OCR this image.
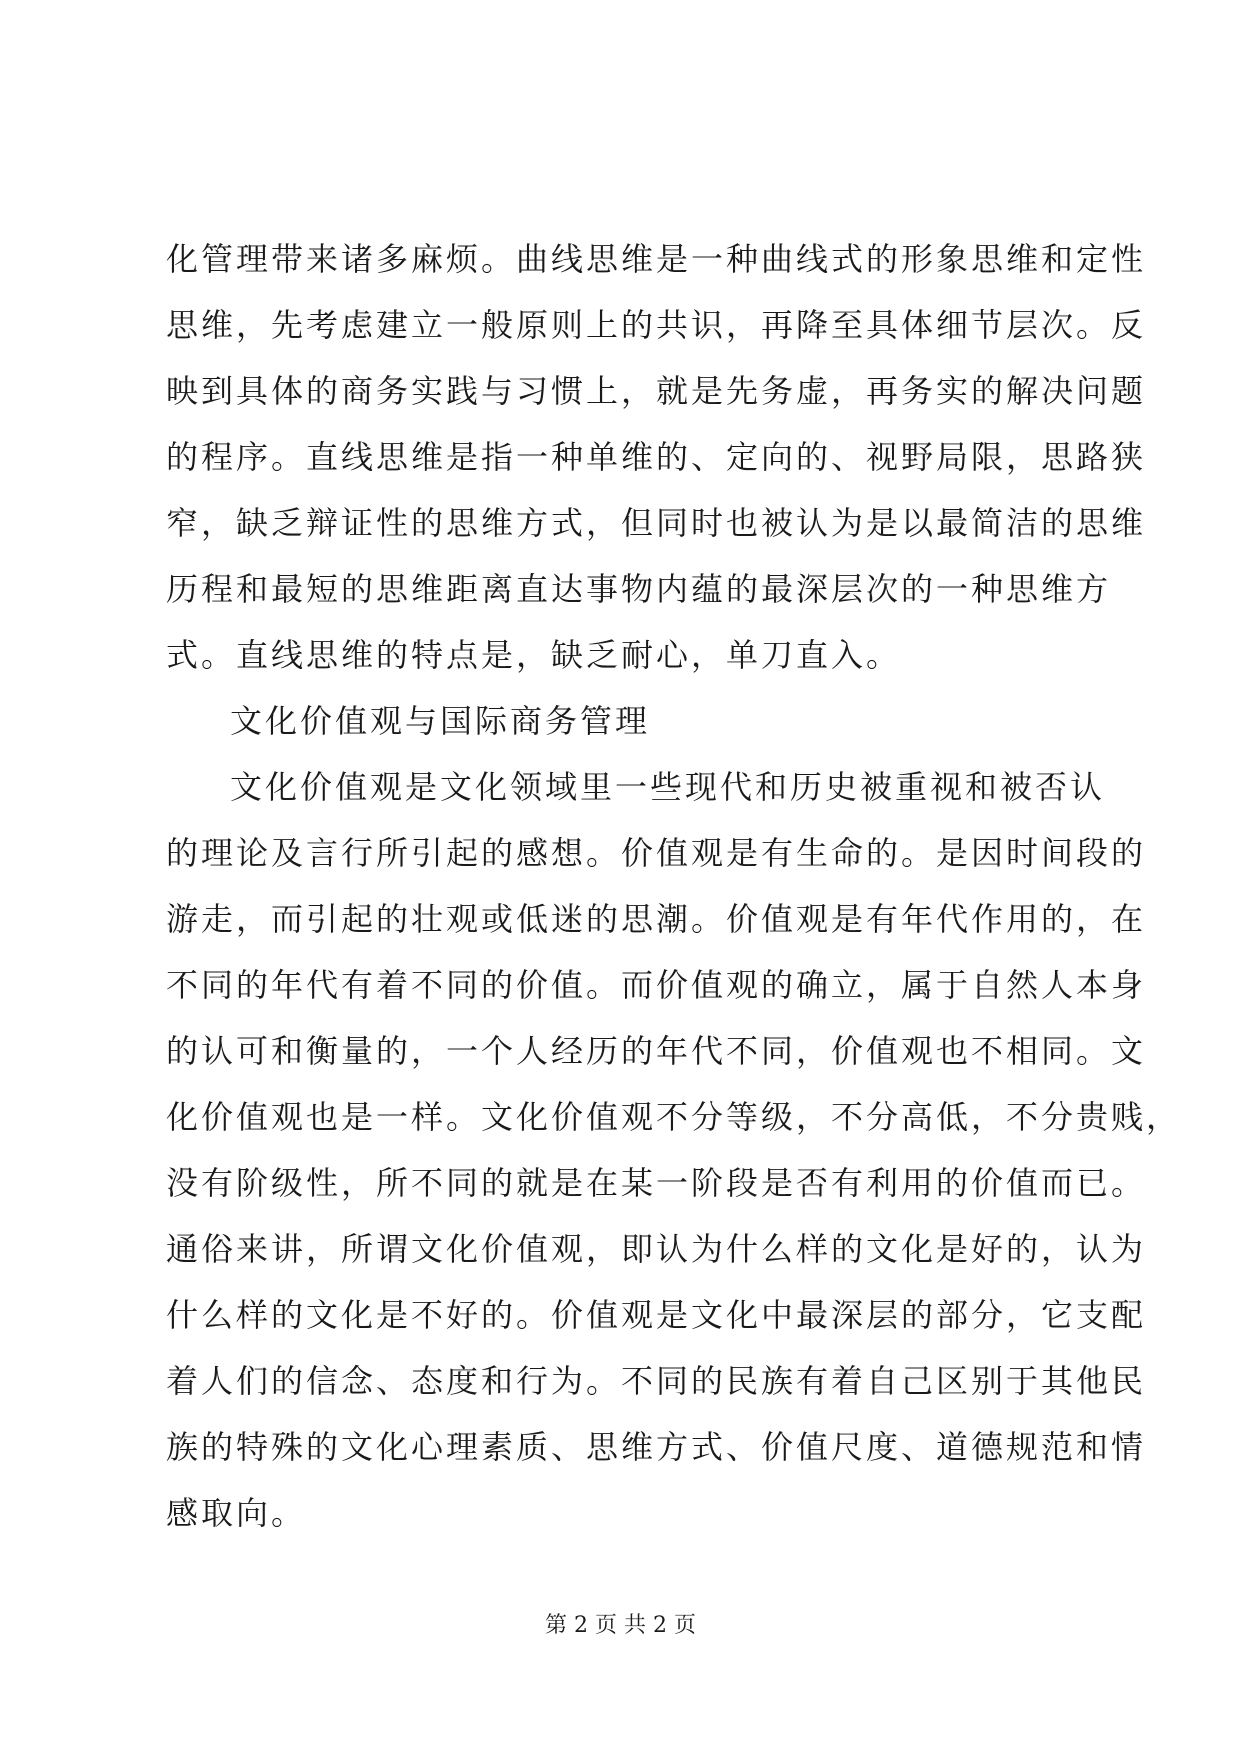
化管理带来诸多麻烦。曲线思维是一种曲线式的形象思维和定性
思维，先考虑建立一般原则上的共识，再降至具体细节层次。反
映到具体的商务实践与习惯上，就是先务虚，再务实的解决问题
的程序。直线思维是指一种单维的、定向的、视野局限，思路狭
窄，缺乏辩证性的思维方式，但同时也被认为是以最简洁的思维
历程和最短的思维距离直达事物内蕴的最深层次的一种思维方
式。直线思维的特点是，缺乏耐心，单刀直入。
文化价值观与国际商务管理
文化价值观是文化领域里一些现代和历史被重视和被否认
的理论及言行所引起的感想。价值观是有生命的。是因时间段的
游走，而引起的壮观或低迷的思潮。价值观是有年代作用的，在
不同的年代有着不同的价值。而价值观的确立，属于自然人本身
的认可和衡量的，一个人经历的年代不同，价值观也不相同。文
化价值观也是一样。文化价值观不分等级，不分高低，不分贵贱，
没有阶级性，所不同的就是在某一阶段是否有利用的价值而已。
通俗来讲，所谓文化价值观，即认为什么样的文化是好的，认为
什么样的文化是不好的。价值观是文化中最深层的部分，它支配
着人们的信念、态度和行为。不同的民族有着自己区别于其他民
族的特殊的文化心理素质、思维方式、价值尺度、道德规范和情
感取向。
第 2 页 共 2 页
